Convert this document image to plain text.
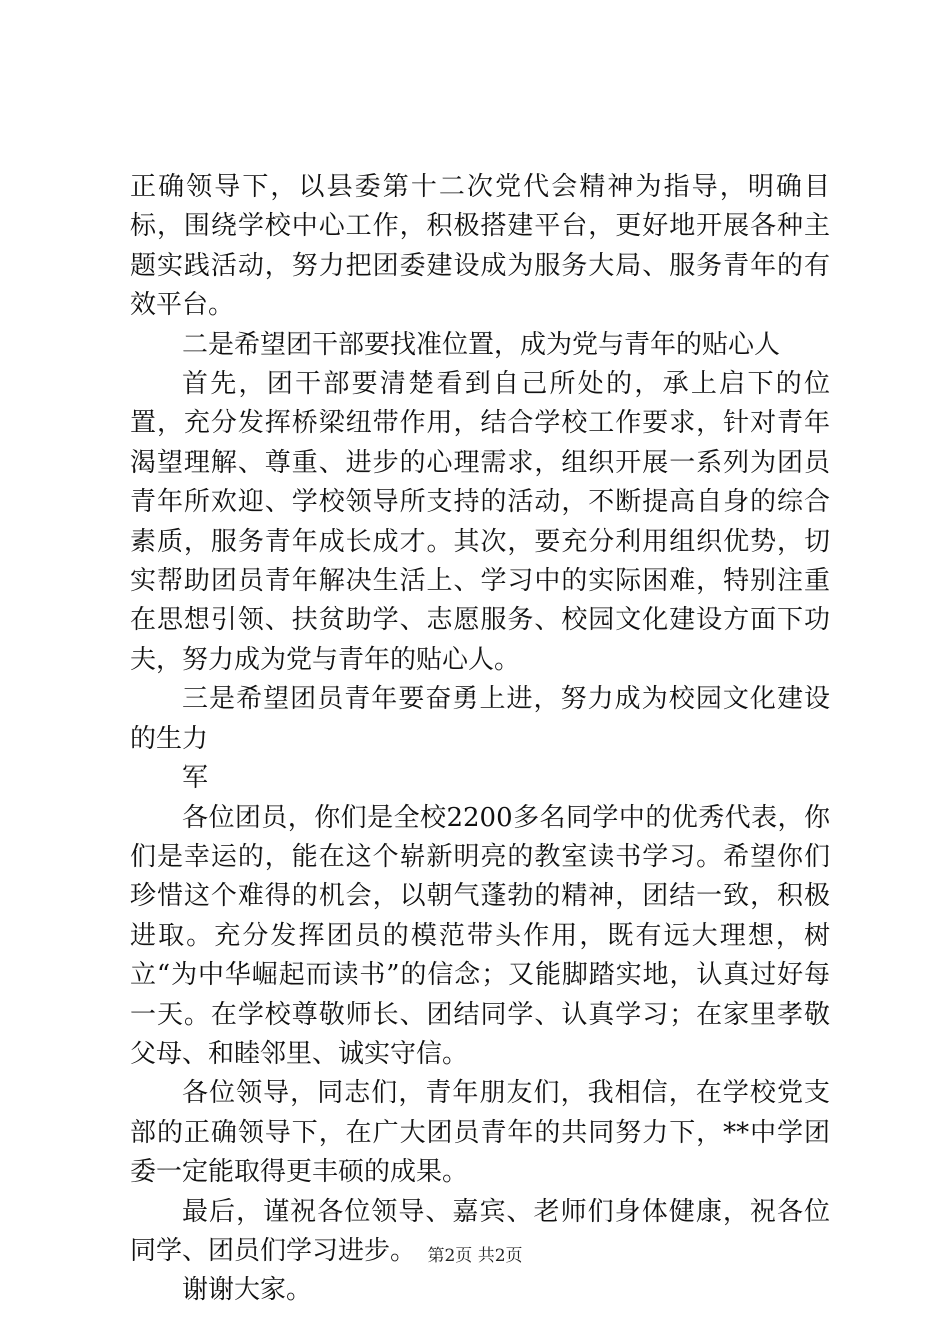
正确领导下，以县委第十二次党代会精神为指导，明确目标，围绕学校中心工作，积极搭建平台，更好地开展各种主题实践活动，努力把团委建设成为服务大局、服务青年的有效平台。

二是希望团干部要找准位置，成为党与青年的贴心人

首先，团干部要清楚看到自己所处的，承上启下的位置，充分发挥桥梁纽带作用，结合学校工作要求，针对青年渴望理解、尊重、进步的心理需求，组织开展一系列为团员青年所欢迎、学校领导所支持的活动，不断提高自身的综合素质，服务青年成长成才。其次，要充分利用组织优势，切实帮助团员青年解决生活上、学习中的实际困难，特别注重在思想引领、扶贫助学、志愿服务、校园文化建设方面下功夫，努力成为党与青年的贴心人。

三是希望团员青年要奋勇上进，努力成为校园文化建设的生力

军

各位团员，你们是全校2200多名同学中的优秀代表，你们是幸运的，能在这个崭新明亮的教室读书学习。希望你们珍惜这个难得的机会，以朝气蓬勃的精神，团结一致，积极进取。充分发挥团员的模范带头作用，既有远大理想，树立“为中华崛起而读书”的信念；又能脚踏实地，认真过好每一天。在学校尊敬师长、团结同学、认真学习；在家里孝敬父母、和睦邻里、诚实守信。

各位领导，同志们，青年朋友们，我相信，在学校党支部的正确领导下，在广大团员青年的共同努力下，**中学团委一定能取得更丰硕的成果。

最后，谨祝各位领导、嘉宾、老师们身体健康，祝各位同学、团员们学习进步。

谢谢大家。

第2页 共2页
